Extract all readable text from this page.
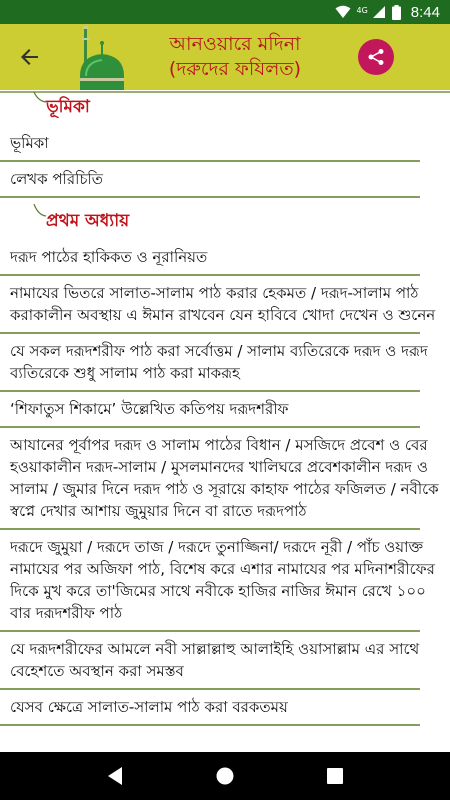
4G	8:44
আনওয়ারে মদিনা
(দরুদের ফযিলত)
ভূমিকা
ভূমিকা
লেখক পরিচিতি
প্রথম অধ্যায়
দরূদ পাঠের হাকিকত ও নূরানিয়ত
নামাযের ভিতরে সালাত-সালাম পাঠ করার হেকমত / দরূদ-সালাম পাঠ করাকালীন অবস্থায় এ ঈমান রাখবেন যেন হাবিবে খোদা দেখেন ও শুনেন
যে সকল দরূদশরীফ পাঠ করা সর্বোত্তম / সালাম ব্যতিরেকে দরূদ ও দরূদ ব্যতিরেকে শুধু সালাম পাঠ করা মাকরূহ
‘শিফাতুস শিকামে’ উল্লেখিত কতিপয় দরূদশরীফ
আযানের পূর্বাপর দরূদ ও সালাম পাঠের বিধান / মসজিদে প্রবেশ ও বের হওয়াকালীন দরূদ-সালাম / মুসলমানদের খালিঘরে প্রবেশকালীন দরূদ ও সালাম / জুমার দিনে দরূদ পাঠ ও সূরায়ে কাহাফ পাঠের ফজিলত / নবীকে স্বপ্নে দেখার আশায় জুমুয়ার দিনে বা রাতে দরূদপাঠ
দরূদে জুমুয়া / দরূদে তাজ / দরূদে তুনাজ্জিনা/ দরূদে নূরী / পাঁচ ওয়াক্ত নামাযের পর অজিফা পাঠ, বিশেষ করে এশার নামাযের পর মদিনাশরীফের দিকে মুখ করে তা'জিমের সাথে নবীকে হাজির নাজির ঈমান রেখে ১০০ বার দরূদশরীফ পাঠ
যে দরূদশরীফের আমলে নবী সাল্লাল্লাহু আলাইহি ওয়াসাল্লাম এর সাথে বেহেশতে অবস্থান করা সমস্তব
যেসব ক্ষেত্রে সালাত-সালাম পাঠ করা বরকতময়
